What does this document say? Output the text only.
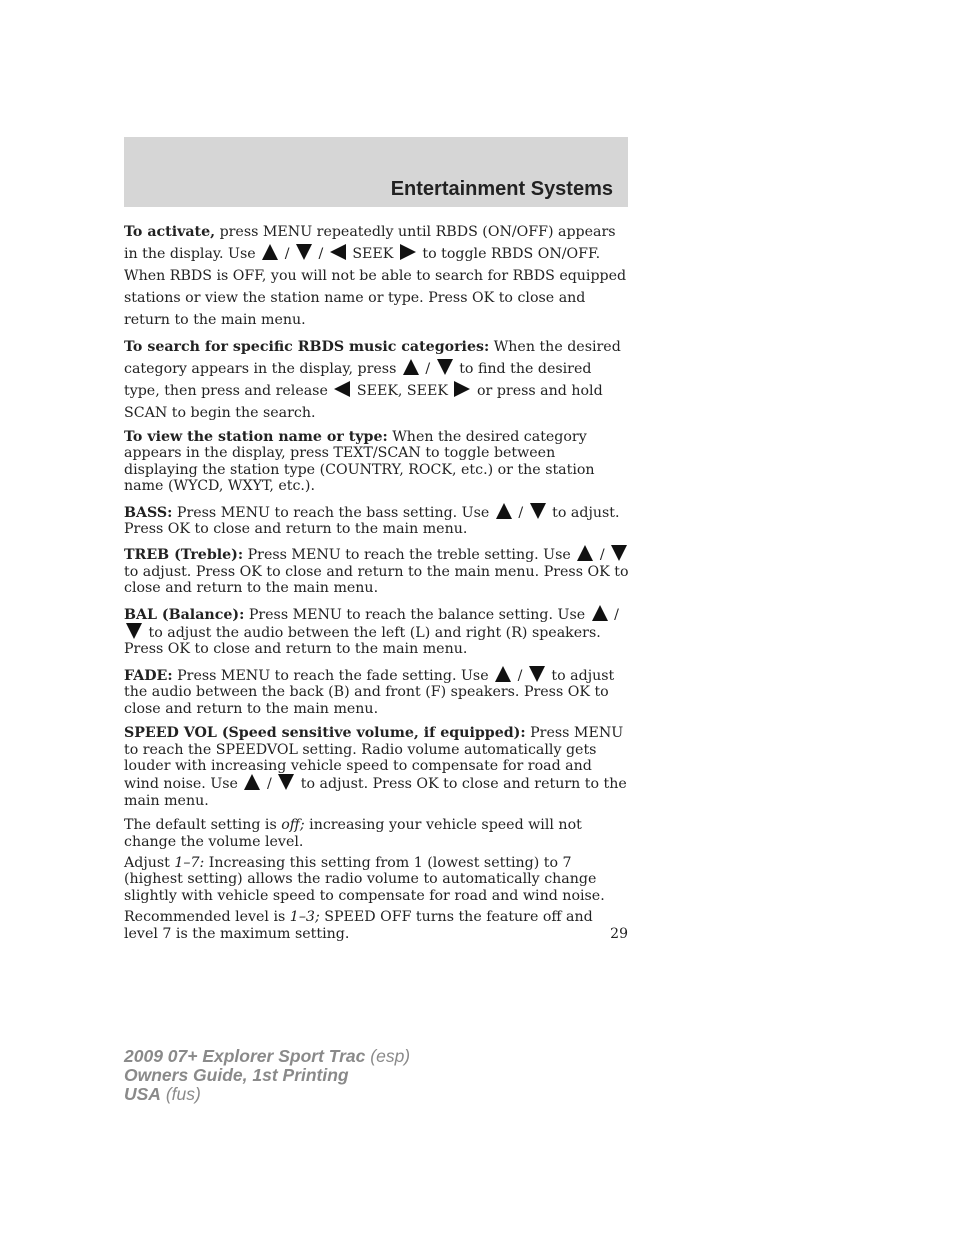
Entertainment Systems

To activate, press MENU repeatedly until RBDS (ON/OFF) appears in the display. Use  /  /  SEEK  to toggle RBDS ON/OFF. When RBDS is OFF, you will not be able to search for RBDS equipped stations or view the station name or type. Press OK to close and return to the main menu.

To search for specific RBDS music categories: When the desired category appears in the display, press  /  to find the desired type, then press and release  SEEK, SEEK  or press and hold SCAN to begin the search.

To view the station name or type: When the desired category appears in the display, press TEXT/SCAN to toggle between displaying the station type (COUNTRY, ROCK, etc.) or the station name (WYCD, WXYT, etc.).

BASS: Press MENU to reach the bass setting. Use  /  to adjust. Press OK to close and return to the main menu.

TREB (Treble): Press MENU to reach the treble setting. Use  /  to adjust. Press OK to close and return to the main menu. Press OK to close and return to the main menu.

BAL (Balance): Press MENU to reach the balance setting. Use  /  to adjust the audio between the left (L) and right (R) speakers. Press OK to close and return to the main menu.

FADE: Press MENU to reach the fade setting. Use  /  to adjust the audio between the back (B) and front (F) speakers. Press OK to close and return to the main menu.

SPEED VOL (Speed sensitive volume, if equipped): Press MENU to reach the SPEEDVOL setting. Radio volume automatically gets louder with increasing vehicle speed to compensate for road and wind noise. Use  /  to adjust. Press OK to close and return to the main menu.

The default setting is off; increasing your vehicle speed will not change the volume level.

Adjust 1–7: Increasing this setting from 1 (lowest setting) to 7 (highest setting) allows the radio volume to automatically change slightly with vehicle speed to compensate for road and wind noise.

Recommended level is 1–3; SPEED OFF turns the feature off and level 7 is the maximum setting.	29
2009 07+ Explorer Sport Trac (esp)
Owners Guide, 1st Printing
USA (fus)
